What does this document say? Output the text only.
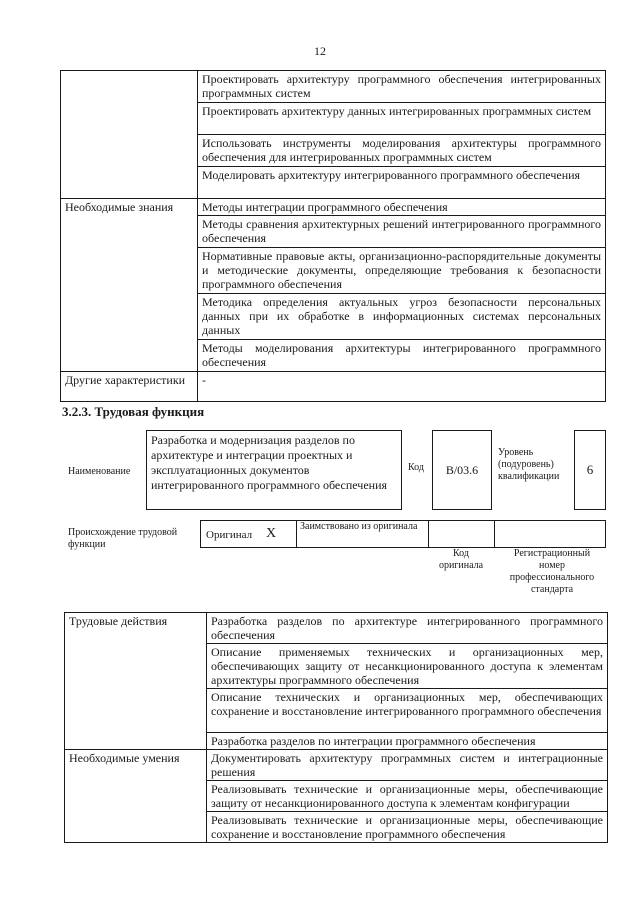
12
	Проектировать архитектуру программного обеспечения интегрированных программных систем
	Проектировать архитектуру данных интегрированных программных систем
	Использовать инструменты моделирования архитектуры программного обеспечения для интегрированных программных систем
	Моделировать архитектуру интегрированного программного обеспечения
Необходимые знания	Методы интеграции программного обеспечения
	Методы сравнения архитектурных решений интегрированного программного обеспечения
	Нормативные правовые акты, организационно-распорядительные документы и методические документы, определяющие требования к безопасности программного обеспечения
	Методика определения актуальных угроз безопасности персональных данных при их обработке в информационных системах персональных данных
	Методы моделирования архитектуры интегрированного программного обеспечения
Другие характеристики	-
3.2.3. Трудовая функция
Наименование
Разработка и модернизация разделов по архитектуре и интеграции проектных и эксплуатационных документов интегрированного программного обеспечения
Код В/03.6
Уровень (подуровень) квалификации	6
Происхождение трудовой функции
Оригинал Х Заимствовано из оригинала
Код оригинала
Регистрационный номер профессионального стандарта
Трудовые действия	Разработка разделов по архитектуре интегрированного программного обеспечения
	Описание применяемых технических и организационных мер, обеспечивающих защиту от несанкционированного доступа к элементам архитектуры программного обеспечения
	Описание технических и организационных мер, обеспечивающих сохранение и восстановление интегрированного программного обеспечения
	Разработка разделов по интеграции программного обеспечения
Необходимые умения	Документировать архитектуру программных систем и интеграционные решения
	Реализовывать технические и организационные меры, обеспечивающие защиту от несанкционированного доступа к элементам конфигурации
	Реализовывать технические и организационные меры, обеспечивающие сохранение и восстановление программного обеспечения
